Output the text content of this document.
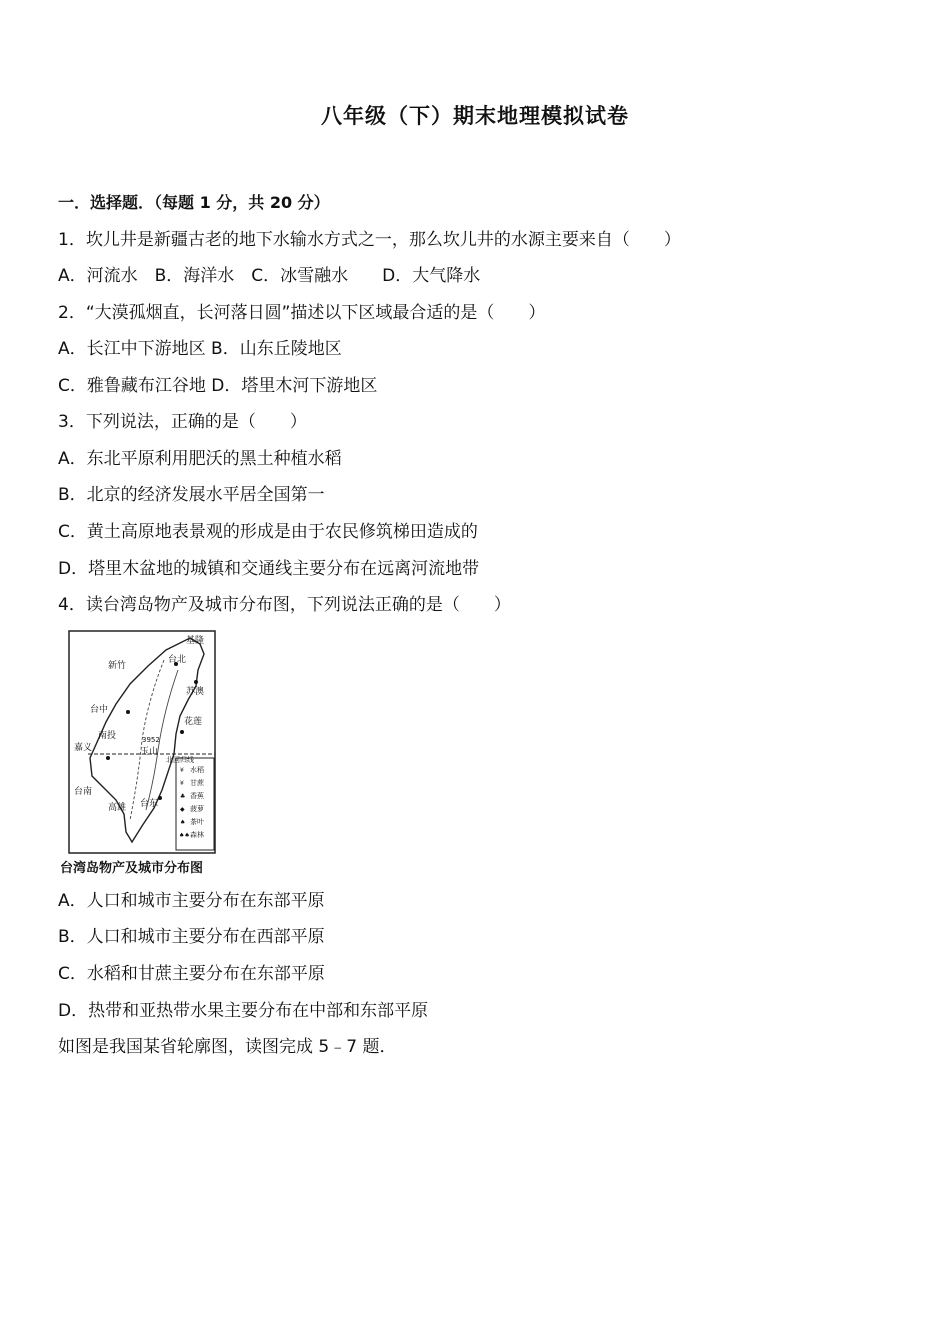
八年级（下）期末地理模拟试卷
一．选择题．（每题 1 分，共 20 分）
1．坎儿井是新疆古老的地下水输水方式之一，那么坎儿井的水源主要来自（　　）
A．河流水　B．海洋水　C．冰雪融水　　D．大气降水
2．“大漠孤烟直，长河落日圆”描述以下区域最合适的是（　　）
A．长江中下游地区 B．山东丘陵地区
C．雅鲁藏布江谷地 D．塔里木河下游地区
3．下列说法，正确的是（　　）
A．东北平原利用肥沃的黑土种植水稻
B．北京的经济发展水平居全国第一
C．黄土高原地表景观的形成是由于农民修筑梯田造成的
D．塔里木盆地的城镇和交通线主要分布在远离河流地带
4．读台湾岛物产及城市分布图，下列说法正确的是（　　）
水稻
甘蔗
香蕉
菠萝
茶叶
森林
¥
¥
♣
◆
♠
♠♠
基隆
台北
新竹
苏澳
台中
花莲
南投
嘉义	玉山
台南
高雄 台东
3952
北回归线
台湾岛物产及城市分布图
A．人口和城市主要分布在东部平原
B．人口和城市主要分布在西部平原
C．水稻和甘蔗主要分布在东部平原
D．热带和亚热带水果主要分布在中部和东部平原
如图是我国某省轮廓图，读图完成 5﹣7 题．
